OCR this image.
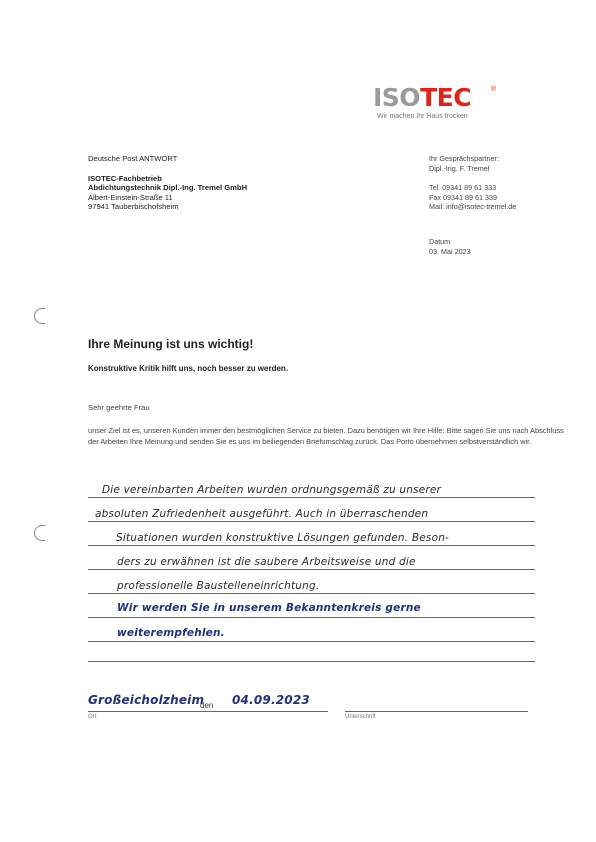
ISOTEC	®
Wir machen Ihr Haus trocken
Deutsche Post ANTWORT
ISOTEC-Fachbetrieb
Abdichtungstechnik Dipl.-Ing. Tremel GmbH
Albert-Einstein-Straße 11
97941 Tauberbischofsheim
Ihr Gesprächspartner:
Dipl.-Ing. F. Tremel
Tel. 09341 89 61 333
Fax 09341 89 61 339
Mail: info@isotec-tremel.de
Datum
03. Mai 2023
Ihre Meinung ist uns wichtig!
Konstruktive Kritik hilft uns, noch besser zu werden.
Sehr geehrte Frau
unser Ziel ist es, unseren Kunden immer den bestmöglichen Service zu bieten. Dazu benötigen wir Ihre Hilfe: Bitte sagen Sie uns nach Abschluss der Arbeiten Ihre Meinung und senden Sie es uns im beiliegenden Briefumschlag zurück. Das Porto übernehmen selbstverständlich wir.
Die vereinbarten Arbeiten wurden ordnungsgemäß zu unserer
absoluten Zufriedenheit ausgeführt. Auch in überraschenden
Situationen wurden konstruktive Lösungen gefunden. Beson-
ders zu erwähnen ist die saubere Arbeitsweise und die
professionelle Baustelleneinrichtung.
Wir werden Sie in unserem Bekanntenkreis gerne
weiterempfehlen.
Großeicholzheim
den 04.09.2023
Ort	Unterschrift
